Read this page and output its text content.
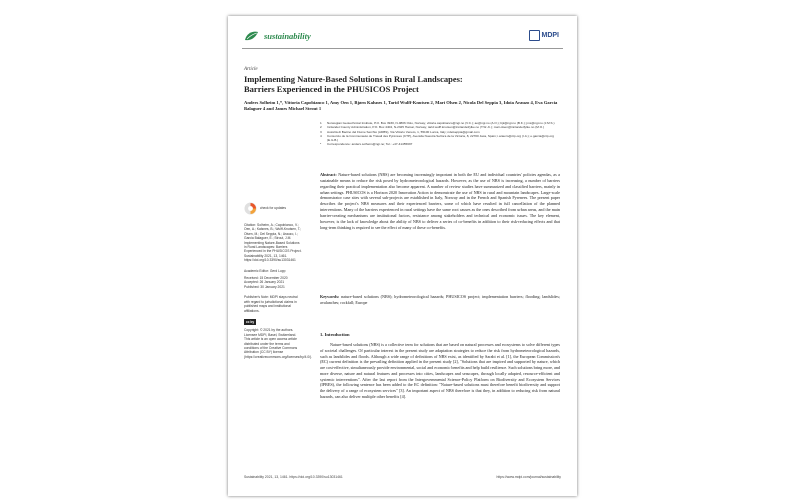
sustainability	MDPI
Article
Implementing Nature-Based Solutions in Rural Landscapes:
Barriers Experienced in the PHUSICOS Project
Anders Solheim 1,*, Vittoria Capobianco 1, Amy Oen 1, Bjørn Kalsnes 1, Tarid Wulff-Knutsen 2, Mari Olsen 2, Nicola Del Seppia 3, Idoia Arauzo 4, Eva Garcia Balaguer 4 and James Michael Strout 1
1	Norwegian Geotechnical Institute, P.O. Box 3930, N-0806 Oslo, Norway; vittoria.capobianco@ngi.no (V.C.); ao@ngi.no (A.O.); bjk@ngi.no (B.K.); jms@ngi.no (J.M.S.)
2	Innlandet County Administration, P.O. Box 4404, N-2325 Hamar, Norway; tarid.wulff.knutsen@innlandetfylke.no (T.W.-K.); mari.olsen@innlandetfylke.no (M.O.)
3	Autorità di Bacino del Fiume Serchio (ADBS), Via Vittorio Veneto, 1, 55100 Lucca, Italy; ndelseppia@gmail.com
4	Consorcio de la Communauté de Travail des Pyrénées (CTP), Avenida Nuestra Señora de la Victoria, 8, 22700 Jaca, Spain; i.arauzo@ctp.org (I.A.); e.garcia@ctp.org (E.G.B.)
*	Correspondence: anders.solheim@ngi.no; Tel.: +47-41455697
Abstract: Nature-based solutions (NBS) are becoming increasingly important in both the EU and individual countries' policies agendas, as a sustainable means to reduce the risk posed by hydrometeorological hazards. However, as the use of NBS is increasing, a number of barriers regarding their practical implementation also become apparent. A number of review studies have summarized and classified barriers, mainly in urban settings. PHUSICOS is a Horizon 2020 Innovation Action to demonstrate the use of NBS in rural and mountain landscapes. Large-scale demonstrator case sites with several sub-projects are established in Italy, Norway and in the French and Spanish Pyrenees. The present paper describes the project's NBS measures and their experienced barriers, some of which have resulted in full cancellation of the planned interventions. Many of the barriers experienced in rural settings have the same root causes as the ones described from urban areas, and the main barrier-creating mechanisms are institutional factors, resistance among stakeholders and technical and economic issues. The key element, however, is the lack of knowledge about the ability of NBS to deliver a series of co-benefits in addition to their risk-reducing effects and that long-term thinking is required to see the effect of many of these co-benefits.
Keywords: nature-based solutions (NBS); hydrometeorological hazards; PHUSICOS project; implementation barriers; flooding; landslides; avalanches; rockfall; Europe
check for updates
Citation: Solheim, A.; Capobianco, V.; Oen, A.; Kalsnes, B.; Wulff-Knutsen, T.; Olsen, M.; Del Seppia, N.; Arauzo, I.; Garcia Balaguer, E.; Strout, J.M. Implementing Nature-Based Solutions in Rural Landscapes: Barriers Experienced in the PHUSICOS Project. Sustainability 2021, 13, 1461. https://doi.org/10.3390/su13031461
Academic Editor: Gerd Lupp
Received: 15 December 2020
Accepted: 26 January 2021
Published: 30 January 2021
Publisher's Note: MDPI stays neutral with regard to jurisdictional claims in published maps and institutional affiliations.
cc by
Copyright: © 2021 by the authors. Licensee MDPI, Basel, Switzerland. This article is an open access article distributed under the terms and conditions of the Creative Commons Attribution (CC BY) license (https://creativecommons.org/licenses/by/4.0/).
1. Introduction
Nature-based solutions (NBS) is a collective term for solutions that are based on natural processes and ecosystems to solve different types of societal challenges. Of particular interest in the present study are adaptation strategies to reduce the risk from hydrometeorological hazards, such as landslides and floods. Although a wide range of definitions of NBS exist, as identified by Sarabi et al. [1], the European Commission's (EC) current definition is the prevailing definition applied in the present study [2], "Solutions that are inspired and supported by nature, which are cost-effective, simultaneously provide environmental, social and economic benefits and help build resilience. Such solutions bring more, and more diverse, nature and natural features and processes into cities, landscapes and seascapes, through locally adapted, resource-efficient and systemic interventions". After the last report from the Intergovernmental Science-Policy Platform on Biodiversity and Ecosystem Services (IPBES), the following sentence has been added to the EC definition: "Nature-based solutions must therefore benefit biodiversity and support the delivery of a range of ecosystem services" [3]. An important aspect of NBS therefore is that they, in addition to reducing risk from natural hazards, can also deliver multiple other benefits [4].
Sustainability 2021, 13, 1461. https://doi.org/10.3390/su13031461	https://www.mdpi.com/journal/sustainability
